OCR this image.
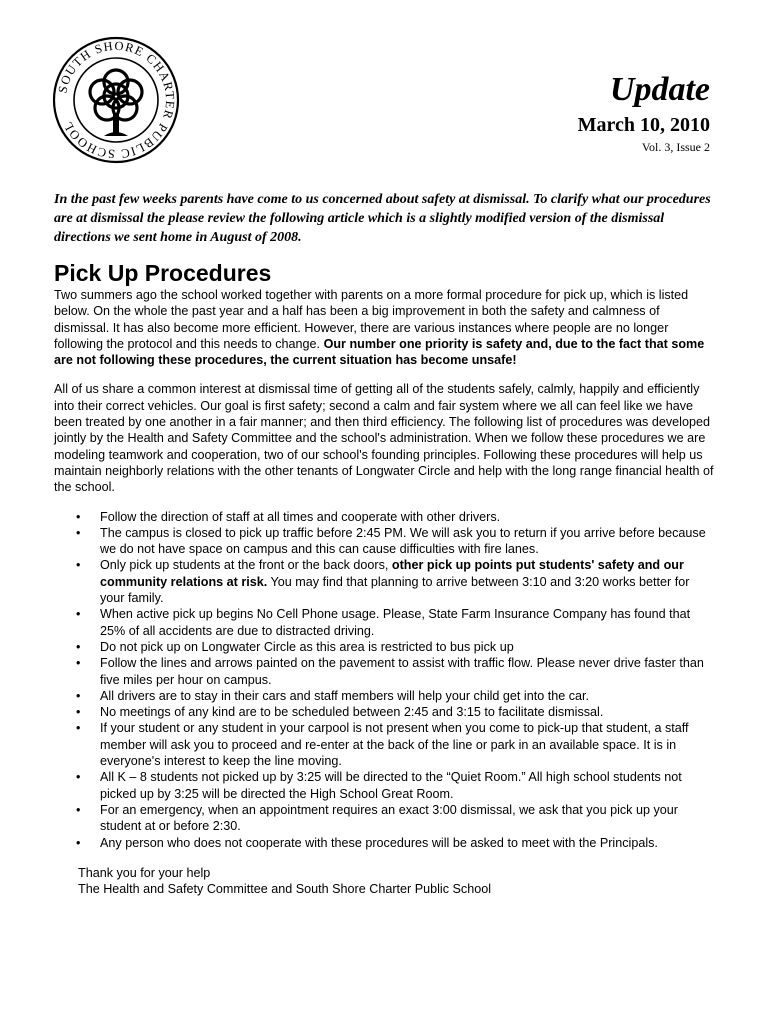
SOUTH SHORE CHARTER PUBLIC SCHOOL
Update
March 10, 2010
Vol. 3, Issue 2

In the past few weeks parents have come to us concerned about safety at dismissal. To clarify what our procedures are at dismissal the please review the following article which is a slightly modified version of the dismissal directions we sent home in August of 2008.

Pick Up Procedures

Two summers ago the school worked together with parents on a more formal procedure for pick up, which is listed below. On the whole the past year and a half has been a big improvement in both the safety and calmness of dismissal. It has also become more efficient. However, there are various instances where people are no longer following the protocol and this needs to change. Our number one priority is safety and, due to the fact that some are not following these procedures, the current situation has become unsafe!

All of us share a common interest at dismissal time of getting all of the students safely, calmly, happily and efficiently into their correct vehicles. Our goal is first safety; second a calm and fair system where we all can feel like we have been treated by one another in a fair manner; and then third efficiency. The following list of procedures was developed jointly by the Health and Safety Committee and the school's administration. When we follow these procedures we are modeling teamwork and cooperation, two of our school's founding principles. Following these procedures will help us maintain neighborly relations with the other tenants of Longwater Circle and help with the long range financial health of the school.

• Follow the direction of staff at all times and cooperate with other drivers.
• The campus is closed to pick up traffic before 2:45 PM. We will ask you to return if you arrive before because we do not have space on campus and this can cause difficulties with fire lanes.
• Only pick up students at the front or the back doors, other pick up points put students' safety and our community relations at risk. You may find that planning to arrive between 3:10 and 3:20 works better for your family.
• When active pick up begins No Cell Phone usage. Please, State Farm Insurance Company has found that 25% of all accidents are due to distracted driving.
• Do not pick up on Longwater Circle as this area is restricted to bus pick up
• Follow the lines and arrows painted on the pavement to assist with traffic flow. Please never drive faster than five miles per hour on campus.
• All drivers are to stay in their cars and staff members will help your child get into the car.
• No meetings of any kind are to be scheduled between 2:45 and 3:15 to facilitate dismissal.
• If your student or any student in your carpool is not present when you come to pick-up that student, a staff member will ask you to proceed and re-enter at the back of the line or park in an available space. It is in everyone's interest to keep the line moving.
• All K – 8 students not picked up by 3:25 will be directed to the “Quiet Room.” All high school students not picked up by 3:25 will be directed the High School Great Room.
• For an emergency, when an appointment requires an exact 3:00 dismissal, we ask that you pick up your student at or before 2:30.
• Any person who does not cooperate with these procedures will be asked to meet with the Principals.
Thank you for your help
The Health and Safety Committee and South Shore Charter Public School
